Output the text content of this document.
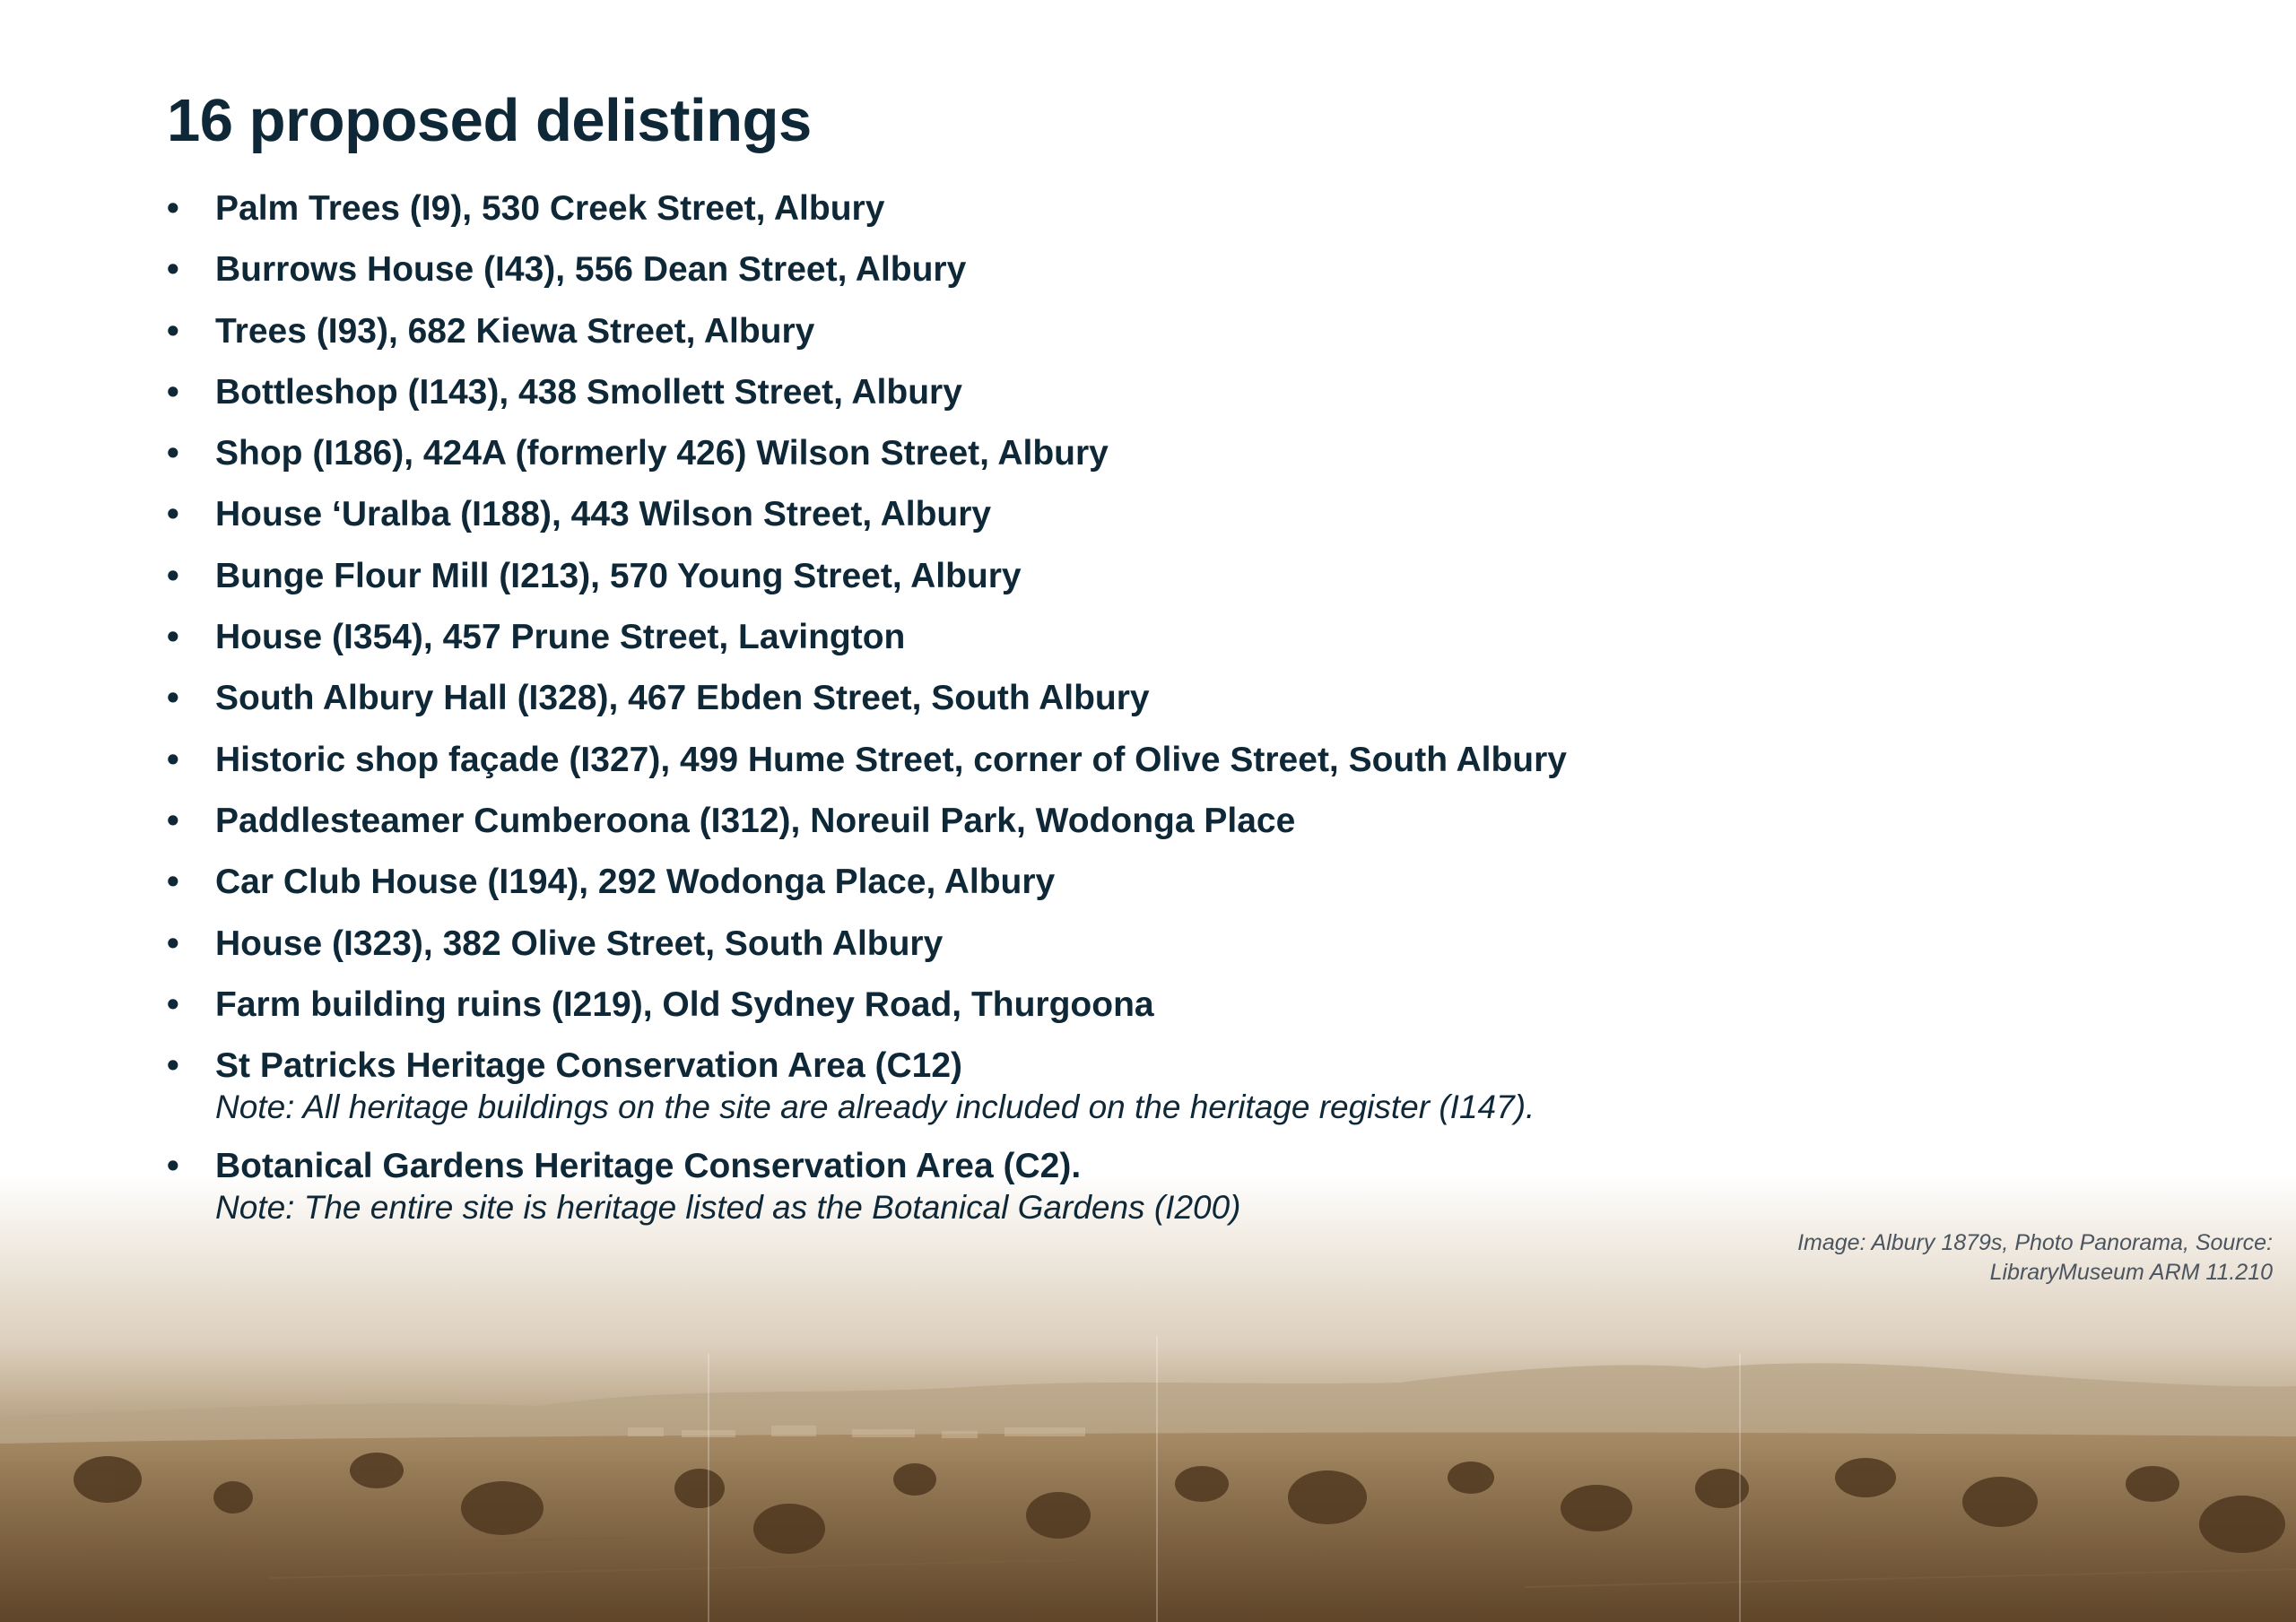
16 proposed delistings
•	Palm Trees (I9), 530 Creek Street, Albury
•	Burrows House (I43), 556 Dean Street, Albury
•	Trees (I93), 682 Kiewa Street, Albury
•	Bottleshop (I143), 438 Smollett Street, Albury
•	Shop (I186), 424A (formerly 426) Wilson Street, Albury
•	House ‘Uralba (I188), 443 Wilson Street, Albury
•	Bunge Flour Mill (I213), 570 Young Street, Albury
•	House (I354), 457 Prune Street, Lavington
•	South Albury Hall (I328), 467 Ebden Street, South Albury
•	Historic shop façade (I327), 499 Hume Street, corner of Olive Street, South Albury
•	Paddlesteamer Cumberoona (I312), Noreuil Park, Wodonga Place
•	Car Club House (I194), 292 Wodonga Place, Albury
•	House (I323), 382 Olive Street, South Albury
•	Farm building ruins (I219), Old Sydney Road, Thurgoona
•	St Patricks Heritage Conservation Area (C12)
Note: All heritage buildings on the site are already included on the heritage register (I147).
•	Botanical Gardens Heritage Conservation Area (C2).
Note: The entire site is heritage listed as the Botanical Gardens (I200)
Image: Albury 1879s, Photo Panorama, Source:
LibraryMuseum ARM 11.210
